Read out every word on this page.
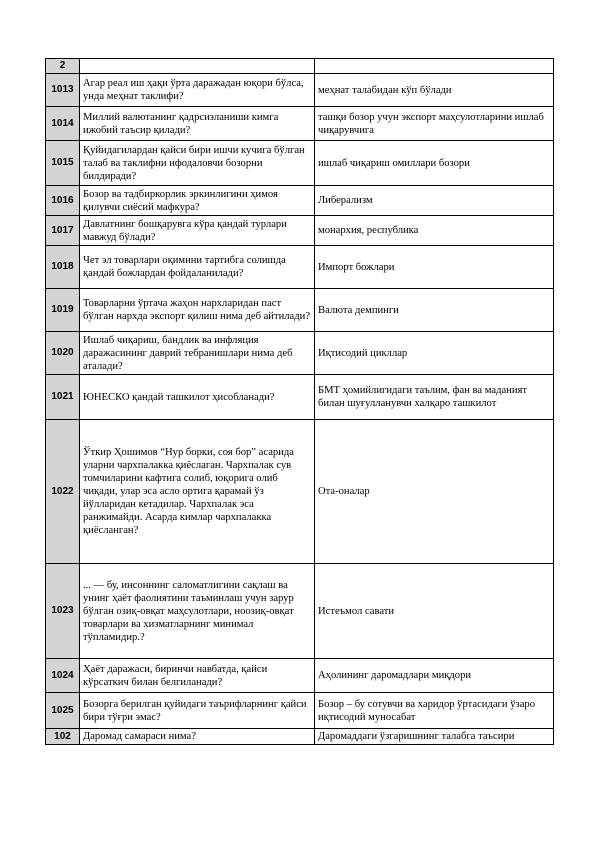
2		
1013	Агар реал иш ҳақи ўрта даражадан юқори бўлса, унда меҳнат таклифи?	меҳнат талабидан кўп бўлади
1014	Миллий валютанинг қадрсизланиши кимга ижобий таъсир қилади?	ташқи бозор учун экспорт маҳсулотларини ишлаб чиқарувчига
1015	Қуйидагилардан қайси бири ишчи кучига бўлган талаб ва таклифни ифодаловчи бозорни билдиради?	ишлаб чиқариш омиллари бозори
1016	Бозор ва тадбиркорлик эркинлигини ҳимоя қилувчи сиёсий мафкура?	Либерализм
1017	Давлатнинг бошқарувга кўра қандай турлари мавжуд бўлади?	монархия, республика
1018	Чет эл товарлари оқимини тартибга солишда қандай божлардан фойдаланилади?	Импорт божлари
1019	Товарларни ўртача жаҳон нархларидан паст бўлган нархда экспорт қилиш нима деб айтилади?	Валюта демпинги
1020	Ишлаб чиқариш, бандлик ва инфляция даражасининг даврий тебранишлари нима деб аталади?	Иқтисодий цикллар
1021	ЮНЕСКО қандай ташкилот ҳисобланади?	БМТ ҳомийлигидаги таълим, фан ва маданият билан шуғулланувчи халқаро ташкилот
1022	Ўткир Ҳошимов “Нур борки, соя бор” асарида уларни чархпалакка қиёслаган. Чархпалак сув томчиларини кафтига солиб, юқорига олиб чиқади, улар эса асло ортига қарамай ўз йўлларидан кетадилар. Чархпалак эса ранжимайди. Асарда кимлар чархпалакка қиёсланган?	Ота-оналар
1023	... — бу, инсоннинг саломатлигини сақлаш ва унинг ҳаёт фаолиятини таъминлаш учун зарур бўлган озиқ-овқат маҳсулотлари, ноозиқ-овқат товарлари ва хизматларнинг минимал тўпламидир.?	Истеъмол савати
1024	Ҳаёт даражаси, биринчи навбатда, қайси кўрсаткич билан белгиланади?	Аҳолининг даромадлари миқдори
1025	Бозорга берилган қуйидаги таърифларнинг қайси бири тўғри эмас?	Бозор – бу сотувчи ва харидор ўртасидаги ўзаро иқтисодий муносабат
102	Даромад самараси нима?	Даромаддаги ўзгаришнинг талабга таъсири
